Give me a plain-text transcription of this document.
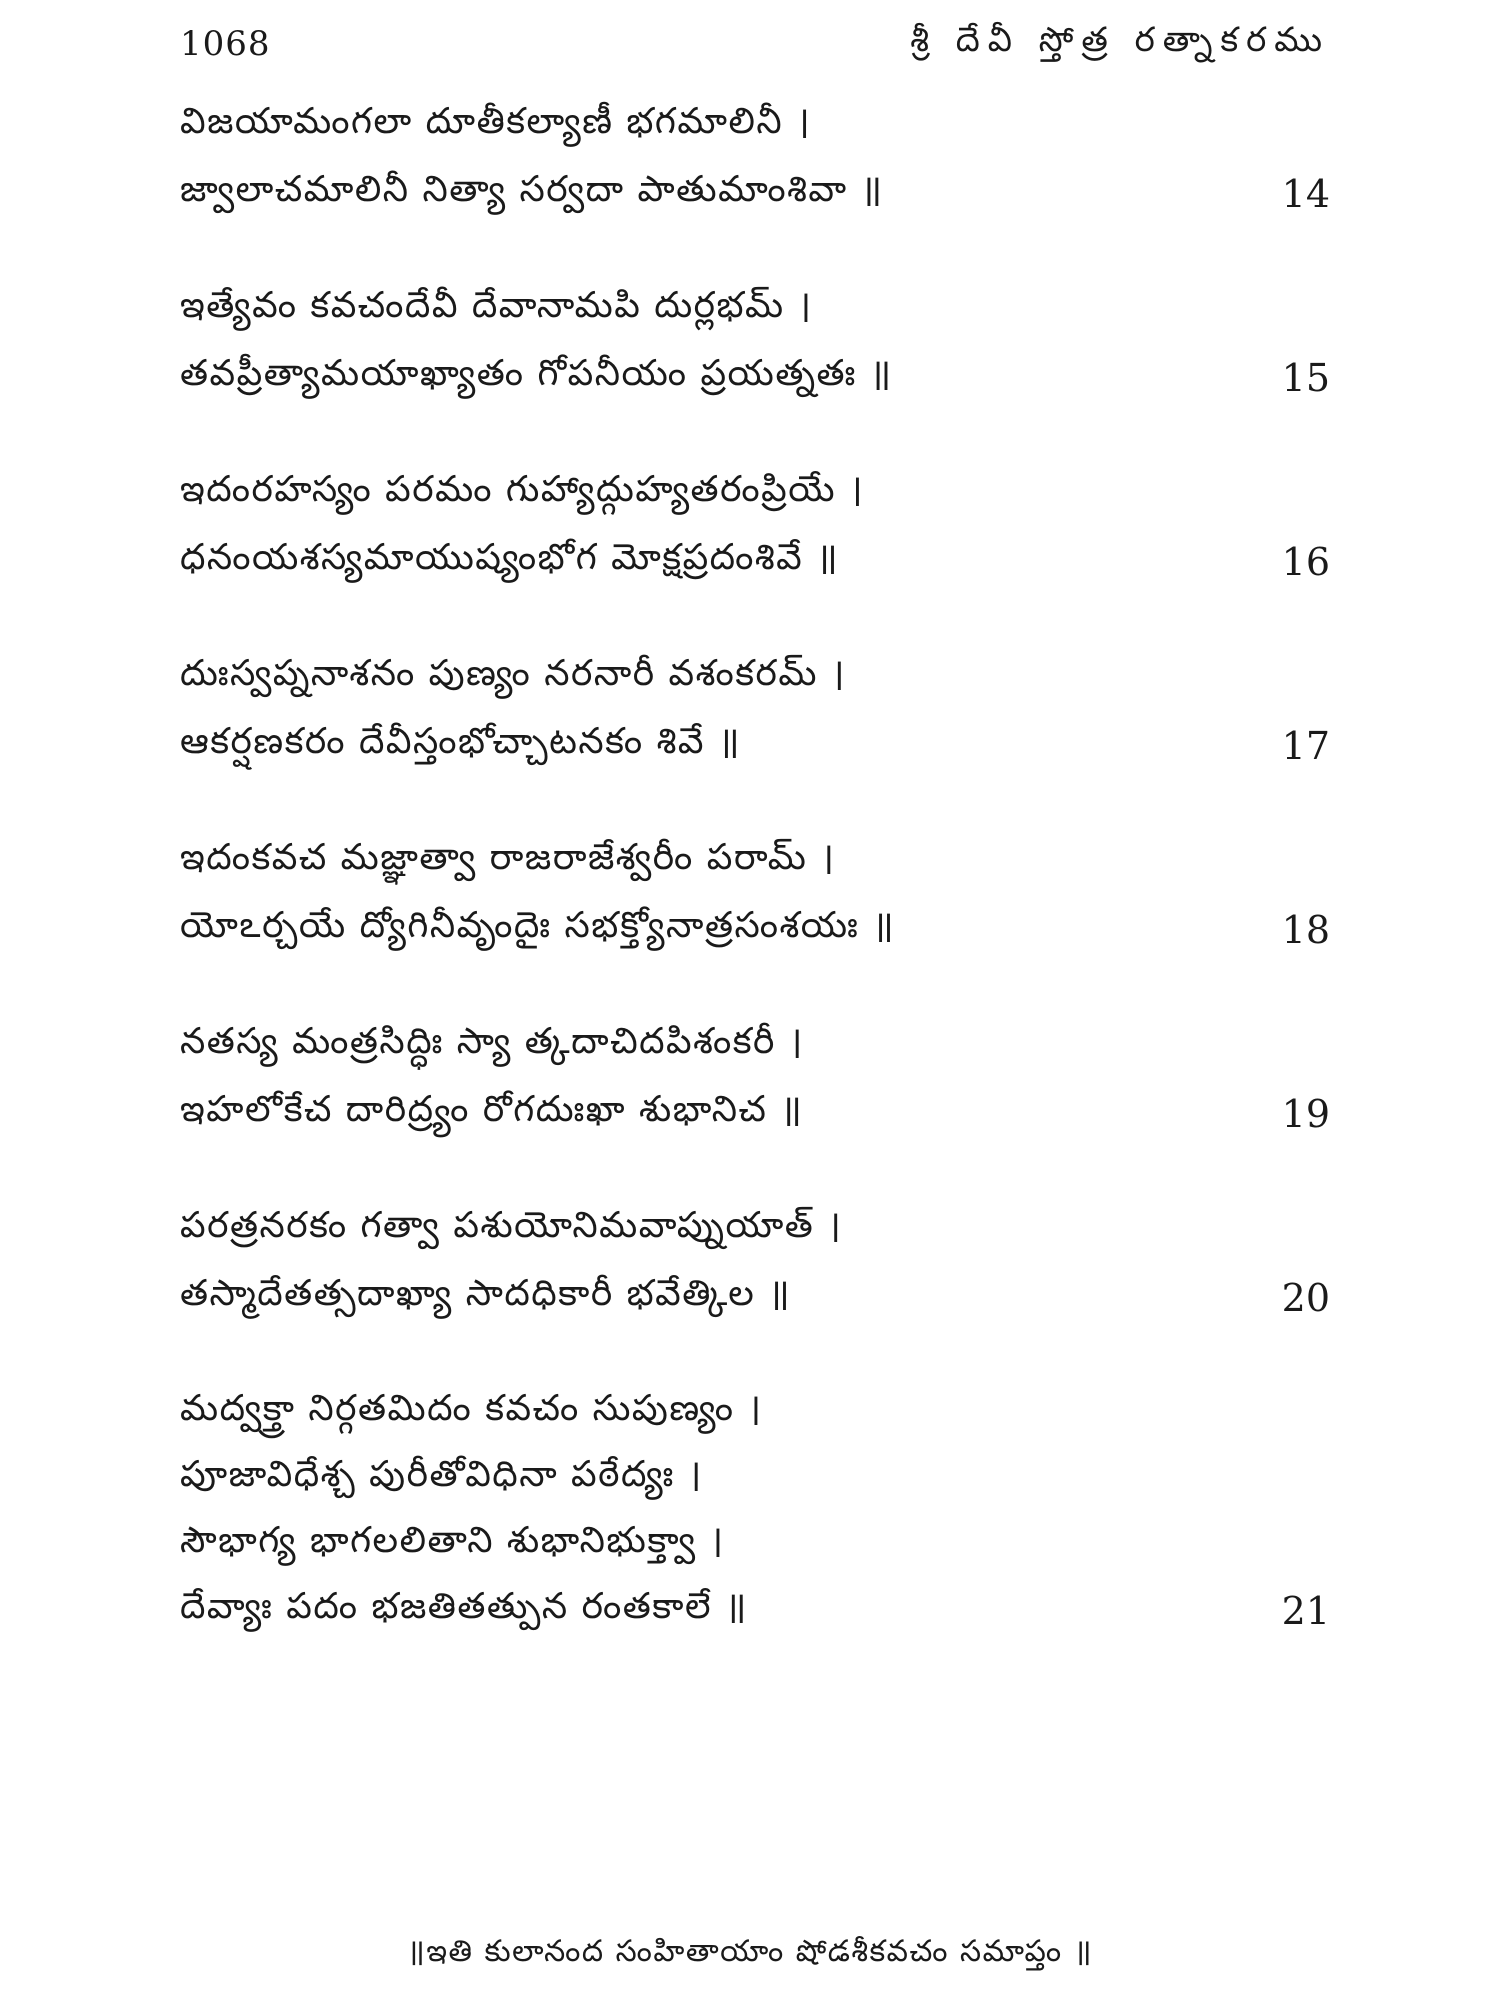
1068	శ్రీ దేవీ స్తోత్ర రత్నాకరము
విజయామంగలా దూతీకల్యాణీ భగమాలినీ ।
జ్వాలాచమాలినీ నిత్యా సర్వదా పాతుమాంశివా ॥	14
ఇత్యేవం కవచందేవీ దేవానామపి దుర్లభమ్ ।
తవప్రీత్యామయాఖ్యాతం గోపనీయం ప్రయత్నతః ॥	15
ఇదంరహస్యం పరమం గుహ్యాద్గుహ్యతరంప్రియే ।
ధనంయశస్యమాయుష్యంభోగ మోక్షప్రదంశివే ॥	16
దుఃస్వప్ననాశనం పుణ్యం నరనారీ వశంకరమ్ ।
ఆకర్షణకరం దేవీస్తంభోచ్చాటనకం శివే ॥	17
ఇదంకవచ మజ్ఞాత్వా రాజరాజేశ్వరీం పరామ్ ।
యోఽర్చయే ద్యోగినీవృందైః సభక్త్యోనాత్రసంశయః ॥	18
నతస్య మంత్రసిద్ధిః స్యా త్కదాచిదపిశంకరీ ।
ఇహలోకేచ దారిద్ర్యం రోగదుఃఖా శుభానిచ ॥	19
పరత్రనరకం గత్వా పశుయోనిమవాప్నుయాత్ ।
తస్మాదేతత్సదాఖ్యా సాదధికారీ భవేత్కిల ॥	20
మద్వక్త్రా నిర్గతమిదం కవచం సుపుణ్యం ।
పూజావిధేశ్చ పురీతోవిధినా పఠేద్యః ।
సౌభాగ్య భాగలలితాని శుభానిభుక్త్వా ।
దేవ్యాః పదం భజతితత్పున రంతకాలే ॥	21
॥ఇతి కులానంద సంహితాయాం షోడశీకవచం సమాప్తం ॥
